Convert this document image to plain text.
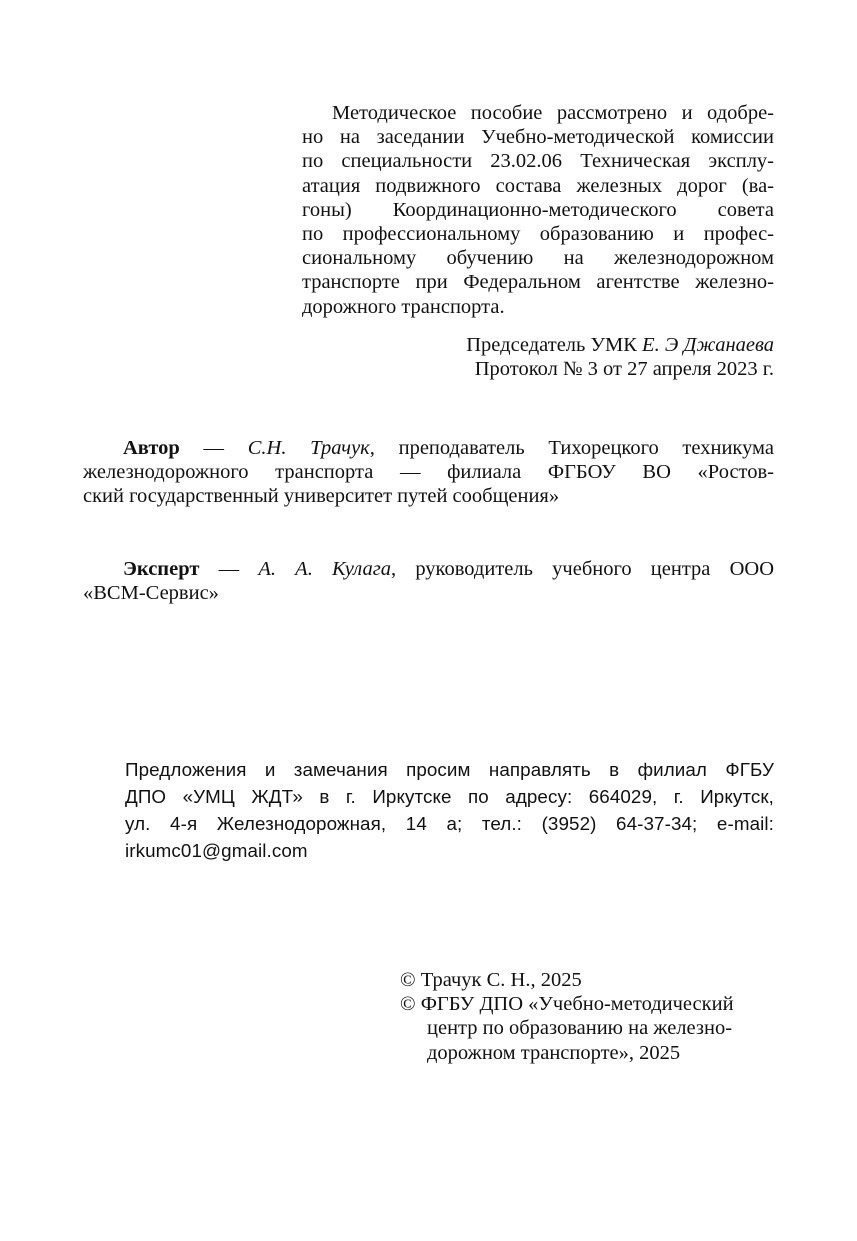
Методическое пособие рассмотрено и одобре-
но на заседании Учебно-методической комиссии
по специальности 23.02.06 Техническая эксплу-
атация подвижного состава железных дорог (ва-
гоны) Координационно-методического совета
по профессиональному образованию и профес-
сиональному обучению на железнодорожном
транспорте при Федеральном агентстве железно-
дорожного транспорта.
Председатель УМК Е. Э Джанаева
Протокол № 3 от 27 апреля 2023 г.
Автор — С.Н. Трачук, преподаватель Тихорецкого техникума
железнодорожного транспорта — филиала ФГБОУ ВО «Ростов-
ский государственный университет путей сообщения»
Эксперт — А. А. Кулага, руководитель учебного центра ООО
«ВСМ-Сервис»
Предложения и замечания просим направлять в филиал ФГБУ
ДПО «УМЦ ЖДТ» в г. Иркутске по адресу: 664029, г. Иркутск,
ул. 4-я Железнодорожная, 14 а; тел.: (3952) 64-37-34; e-mail:
irkumc01@gmail.com
© Трачук С. Н., 2025
© ФГБУ ДПО «Учебно-методический
центр по образованию на железно-
дорожном транспорте», 2025
